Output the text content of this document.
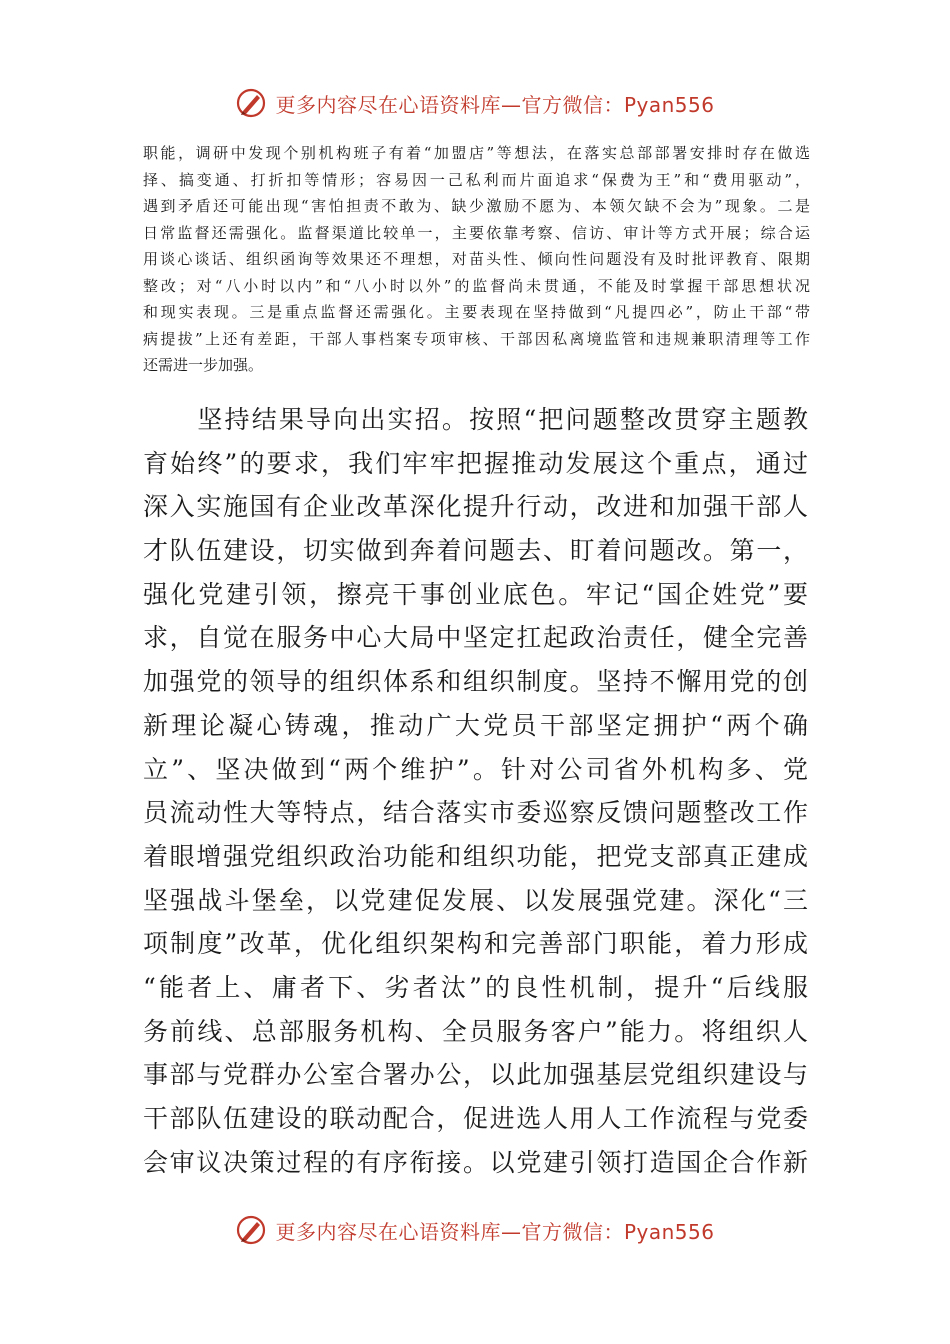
更多内容尽在心语资料库—官方微信：Pyan556
职能，调研中发现个别机构班子有着“加盟店”等想法，在落实总部部署安排时存在做选
择、搞变通、打折扣等情形；容易因一己私利而片面追求“保费为王”和“费用驱动”，
遇到矛盾还可能出现“害怕担责不敢为、缺少激励不愿为、本领欠缺不会为”现象。二是
日常监督还需强化。监督渠道比较单一，主要依靠考察、信访、审计等方式开展；综合运
用谈心谈话、组织函询等效果还不理想，对苗头性、倾向性问题没有及时批评教育、限期
整改；对“八小时以内”和“八小时以外”的监督尚未贯通，不能及时掌握干部思想状况
和现实表现。三是重点监督还需强化。主要表现在坚持做到“凡提四必”，防止干部“带
病提拔”上还有差距，干部人事档案专项审核、干部因私离境监管和违规兼职清理等工作
还需进一步加强。
　　坚持结果导向出实招。按照“把问题整改贯穿主题教
育始终”的要求，我们牢牢把握推动发展这个重点，通过
深入实施国有企业改革深化提升行动，改进和加强干部人
才队伍建设，切实做到奔着问题去、盯着问题改。第一，
强化党建引领，擦亮干事创业底色。牢记“国企姓党”要
求，自觉在服务中心大局中坚定扛起政治责任，健全完善
加强党的领导的组织体系和组织制度。坚持不懈用党的创
新理论凝心铸魂，推动广大党员干部坚定拥护“两个确
立”、坚决做到“两个维护”。针对公司省外机构多、党
员流动性大等特点，结合落实市委巡察反馈问题整改工作
着眼增强党组织政治功能和组织功能，把党支部真正建成
坚强战斗堡垒，以党建促发展、以发展强党建。深化“三
项制度”改革，优化组织架构和完善部门职能，着力形成
“能者上、庸者下、劣者汰”的良性机制，提升“后线服
务前线、总部服务机构、全员服务客户”能力。将组织人
事部与党群办公室合署办公，以此加强基层党组织建设与
干部队伍建设的联动配合，促进选人用人工作流程与党委
会审议决策过程的有序衔接。以党建引领打造国企合作新
更多内容尽在心语资料库—官方微信：Pyan556
